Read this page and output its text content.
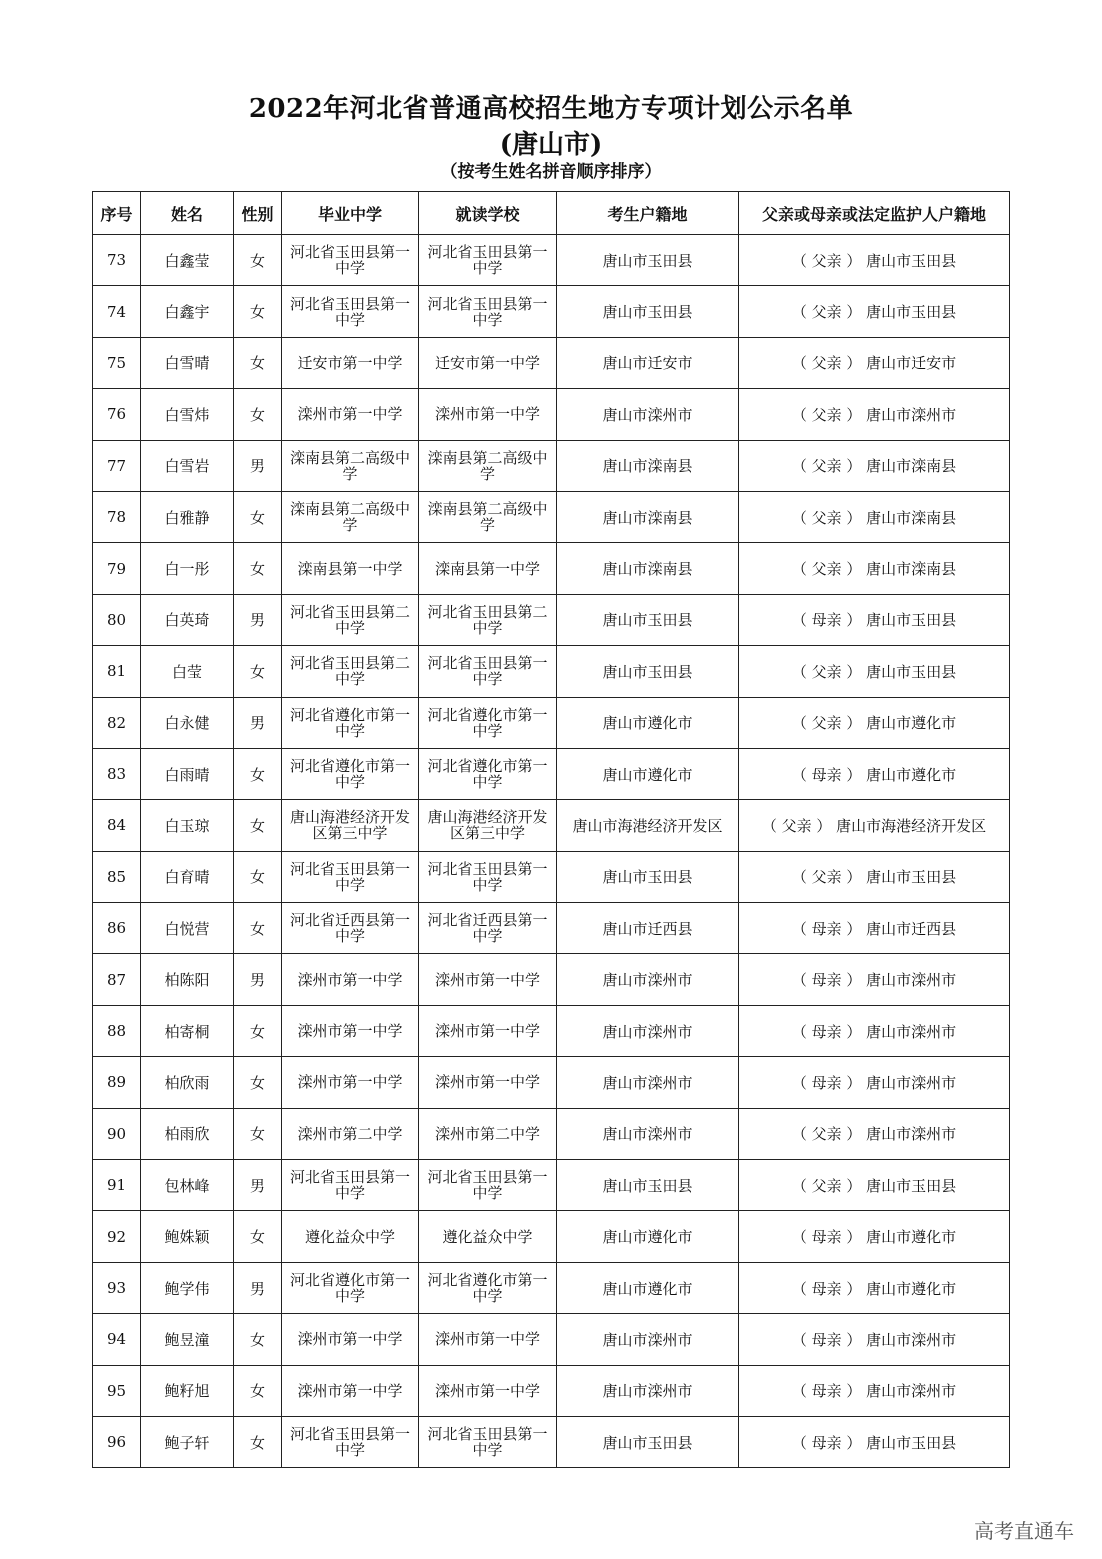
2022年河北省普通高校招生地方专项计划公示名单
(唐山市)
（按考生姓名拼音顺序排序）
序号	姓名	性别	毕业中学	就读学校	考生户籍地	父亲或母亲或法定监护人户籍地
73	白鑫莹	女	河北省玉田县第一中学	河北省玉田县第一中学	唐山市玉田县	（ 父亲 ） 唐山市玉田县
74	白鑫宇	女	河北省玉田县第一中学	河北省玉田县第一中学	唐山市玉田县	（ 父亲 ） 唐山市玉田县
75	白雪晴	女	迁安市第一中学	迁安市第一中学	唐山市迁安市	（ 父亲 ） 唐山市迁安市
76	白雪炜	女	滦州市第一中学	滦州市第一中学	唐山市滦州市	（ 父亲 ） 唐山市滦州市
77	白雪岩	男	滦南县第二高级中学	滦南县第二高级中学	唐山市滦南县	（ 父亲 ） 唐山市滦南县
78	白雅静	女	滦南县第二高级中学	滦南县第二高级中学	唐山市滦南县	（ 父亲 ） 唐山市滦南县
79	白一彤	女	滦南县第一中学	滦南县第一中学	唐山市滦南县	（ 父亲 ） 唐山市滦南县
80	白英琦	男	河北省玉田县第二中学	河北省玉田县第二中学	唐山市玉田县	（ 母亲 ） 唐山市玉田县
81	白莹	女	河北省玉田县第二中学	河北省玉田县第一中学	唐山市玉田县	（ 父亲 ） 唐山市玉田县
82	白永健	男	河北省遵化市第一中学	河北省遵化市第一中学	唐山市遵化市	（ 父亲 ） 唐山市遵化市
83	白雨晴	女	河北省遵化市第一中学	河北省遵化市第一中学	唐山市遵化市	（ 母亲 ） 唐山市遵化市
84	白玉琼	女	唐山海港经济开发区第三中学	唐山海港经济开发区第三中学	唐山市海港经济开发区	（ 父亲 ） 唐山市海港经济开发区
85	白育晴	女	河北省玉田县第一中学	河北省玉田县第一中学	唐山市玉田县	（ 父亲 ） 唐山市玉田县
86	白悦营	女	河北省迁西县第一中学	河北省迁西县第一中学	唐山市迁西县	（ 母亲 ） 唐山市迁西县
87	柏陈阳	男	滦州市第一中学	滦州市第一中学	唐山市滦州市	（ 母亲 ） 唐山市滦州市
88	柏寄桐	女	滦州市第一中学	滦州市第一中学	唐山市滦州市	（ 母亲 ） 唐山市滦州市
89	柏欣雨	女	滦州市第一中学	滦州市第一中学	唐山市滦州市	（ 母亲 ） 唐山市滦州市
90	柏雨欣	女	滦州市第二中学	滦州市第二中学	唐山市滦州市	（ 父亲 ） 唐山市滦州市
91	包林峰	男	河北省玉田县第一中学	河北省玉田县第一中学	唐山市玉田县	（ 父亲 ） 唐山市玉田县
92	鲍姝颖	女	遵化益众中学	遵化益众中学	唐山市遵化市	（ 母亲 ） 唐山市遵化市
93	鲍学伟	男	河北省遵化市第一中学	河北省遵化市第一中学	唐山市遵化市	（ 母亲 ） 唐山市遵化市
94	鲍昱潼	女	滦州市第一中学	滦州市第一中学	唐山市滦州市	（ 母亲 ） 唐山市滦州市
95	鲍籽旭	女	滦州市第一中学	滦州市第一中学	唐山市滦州市	（ 母亲 ） 唐山市滦州市
96	鲍子轩	女	河北省玉田县第一中学	河北省玉田县第一中学	唐山市玉田县	（ 母亲 ） 唐山市玉田县
高考直通车
